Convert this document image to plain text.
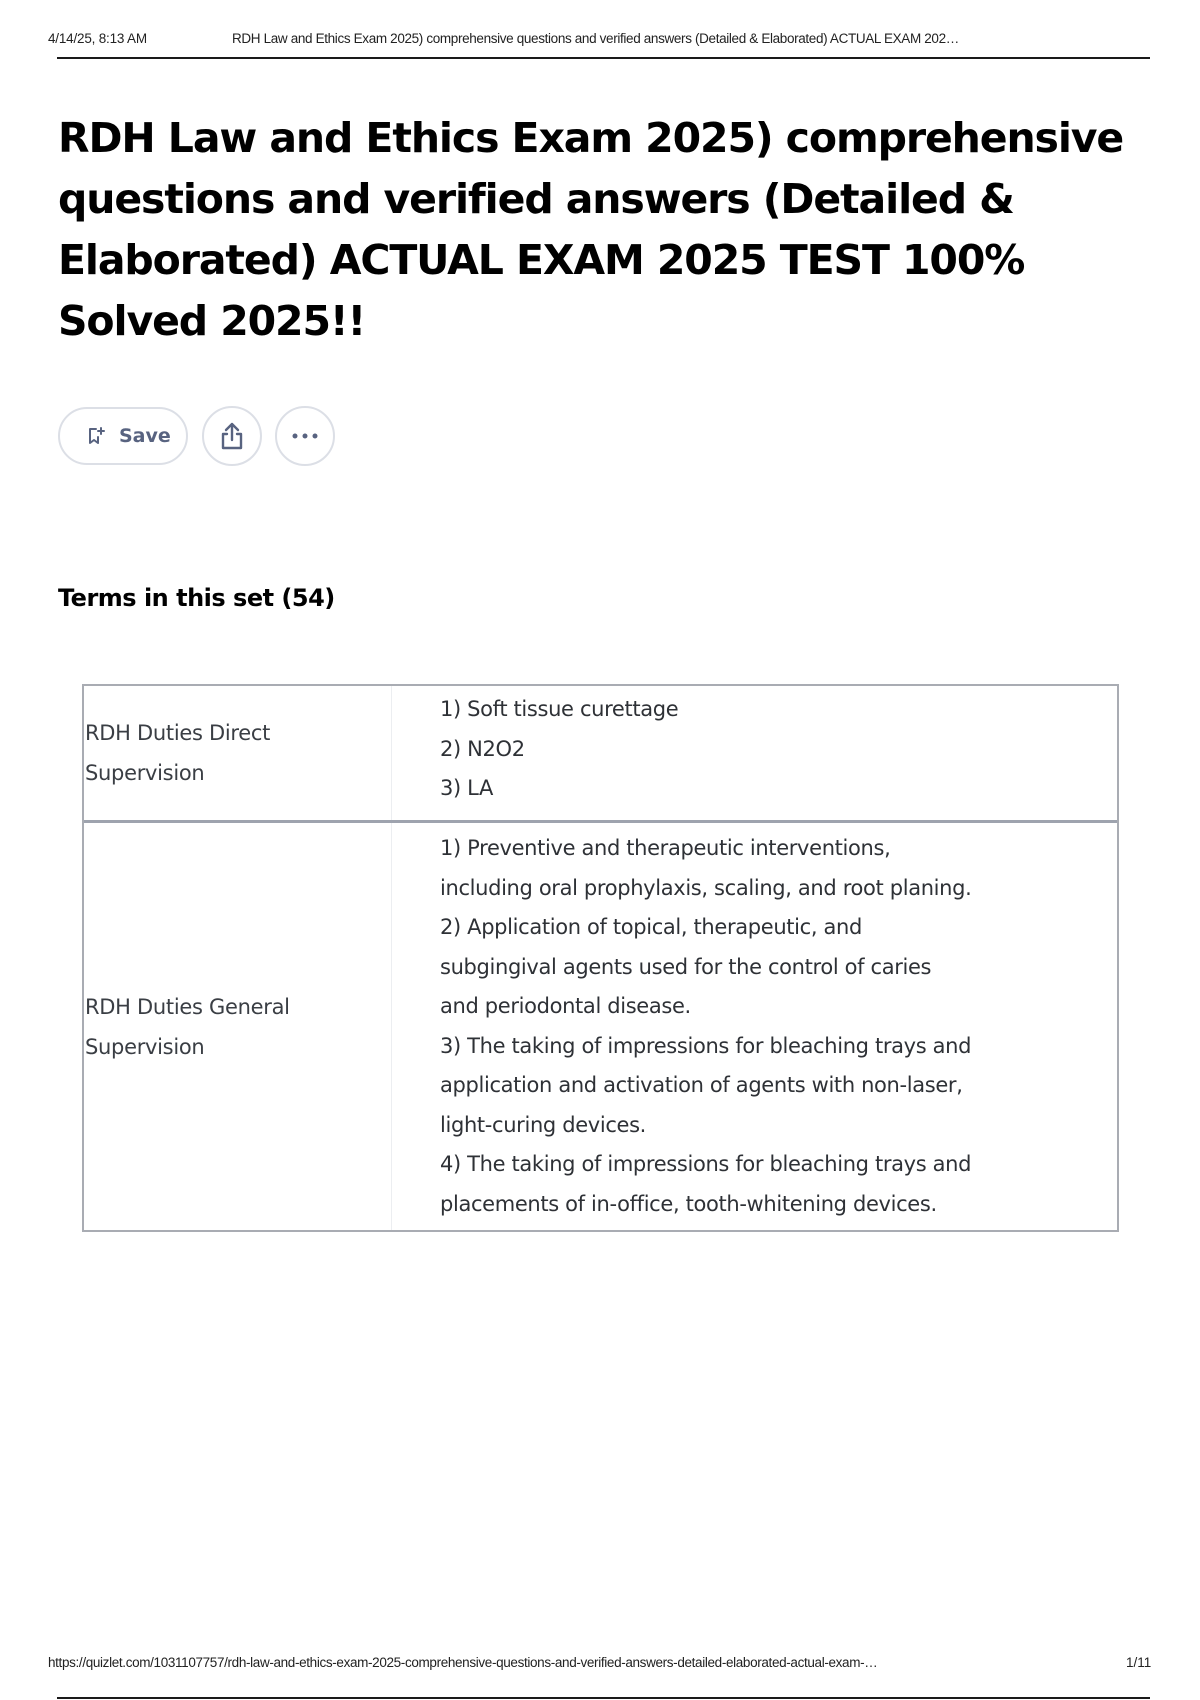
4/14/25, 8:13 AM	RDH Law and Ethics Exam 2025) comprehensive questions and verified answers (Detailed & Elaborated) ACTUAL EXAM 202…
RDH Law and Ethics Exam 2025) comprehensive questions and verified answers (Detailed & Elaborated) ACTUAL EXAM 2025 TEST 100% Solved 2025!!
Save
Terms in this set (54)
RDH Duties Direct Supervision
1) Soft tissue curettage
2) N2O2
3) LA
RDH Duties General Supervision
1) Preventive and therapeutic interventions,
including oral prophylaxis, scaling, and root planing.
2) Application of topical, therapeutic, and
subgingival agents used for the control of caries
and periodontal disease.
3) The taking of impressions for bleaching trays and
application and activation of agents with non-laser,
light-curing devices.
4) The taking of impressions for bleaching trays and
placements of in-office, tooth-whitening devices.
https://quizlet.com/1031107757/rdh-law-and-ethics-exam-2025-comprehensive-questions-and-verified-answers-detailed-elaborated-actual-exam-…	1/11
